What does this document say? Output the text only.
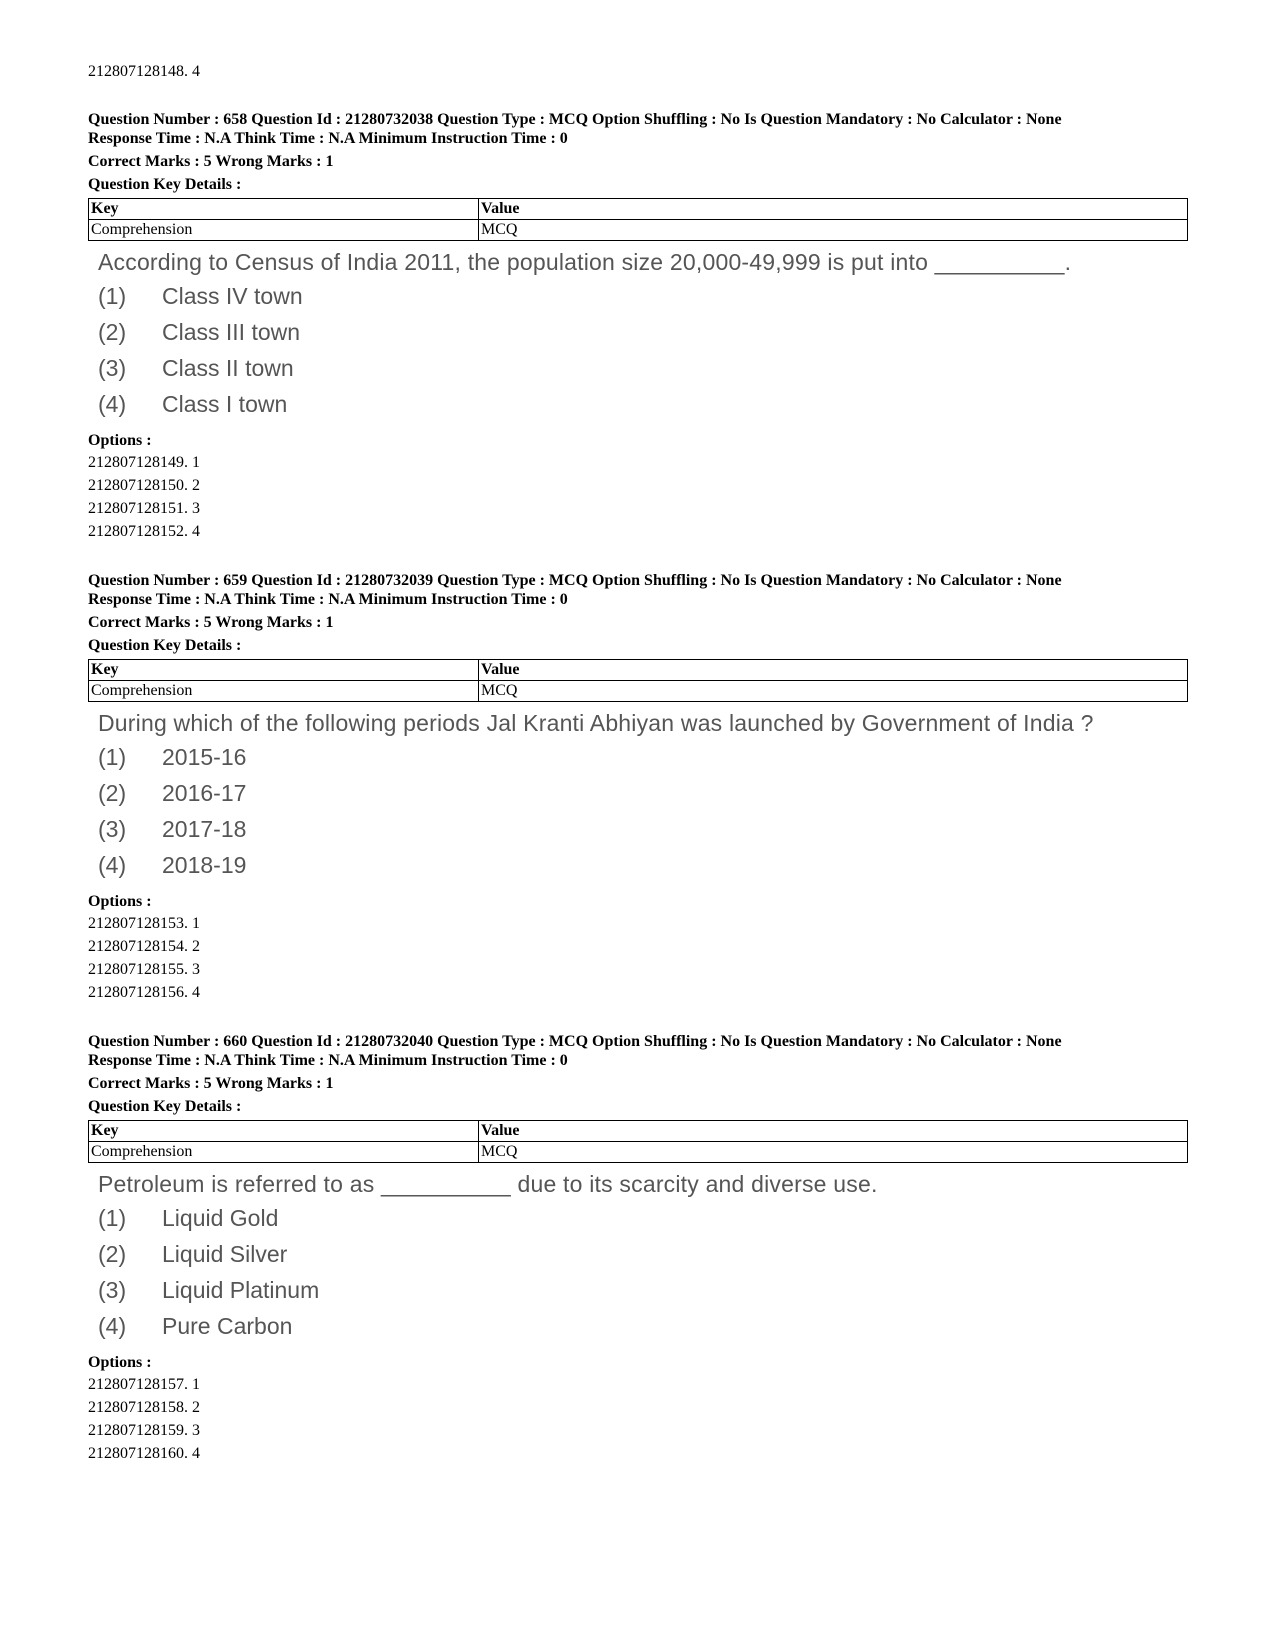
212807128148. 4
Question Number : 658 Question Id : 21280732038 Question Type : MCQ Option Shuffling : No Is Question Mandatory : No Calculator : None
Response Time : N.A Think Time : N.A Minimum Instruction Time : 0
Correct Marks : 5 Wrong Marks : 1
Question Key Details :
Key	Value
Comprehension	MCQ
According to Census of India 2011, the population size 20,000-49,999 is put into __________.
(1) Class IV town
(2) Class III town
(3) Class II town
(4) Class I town
Options :
212807128149. 1
212807128150. 2
212807128151. 3
212807128152. 4
Question Number : 659 Question Id : 21280732039 Question Type : MCQ Option Shuffling : No Is Question Mandatory : No Calculator : None
Response Time : N.A Think Time : N.A Minimum Instruction Time : 0
Correct Marks : 5 Wrong Marks : 1
Question Key Details :
Key	Value
Comprehension	MCQ
During which of the following periods Jal Kranti Abhiyan was launched by Government of India ?
(1) 2015-16
(2) 2016-17
(3) 2017-18
(4) 2018-19
Options :
212807128153. 1
212807128154. 2
212807128155. 3
212807128156. 4
Question Number : 660 Question Id : 21280732040 Question Type : MCQ Option Shuffling : No Is Question Mandatory : No Calculator : None
Response Time : N.A Think Time : N.A Minimum Instruction Time : 0
Correct Marks : 5 Wrong Marks : 1
Question Key Details :
Key	Value
Comprehension	MCQ
Petroleum is referred to as __________ due to its scarcity and diverse use.
(1) Liquid Gold
(2) Liquid Silver
(3) Liquid Platinum
(4) Pure Carbon
Options :
212807128157. 1
212807128158. 2
212807128159. 3
212807128160. 4
